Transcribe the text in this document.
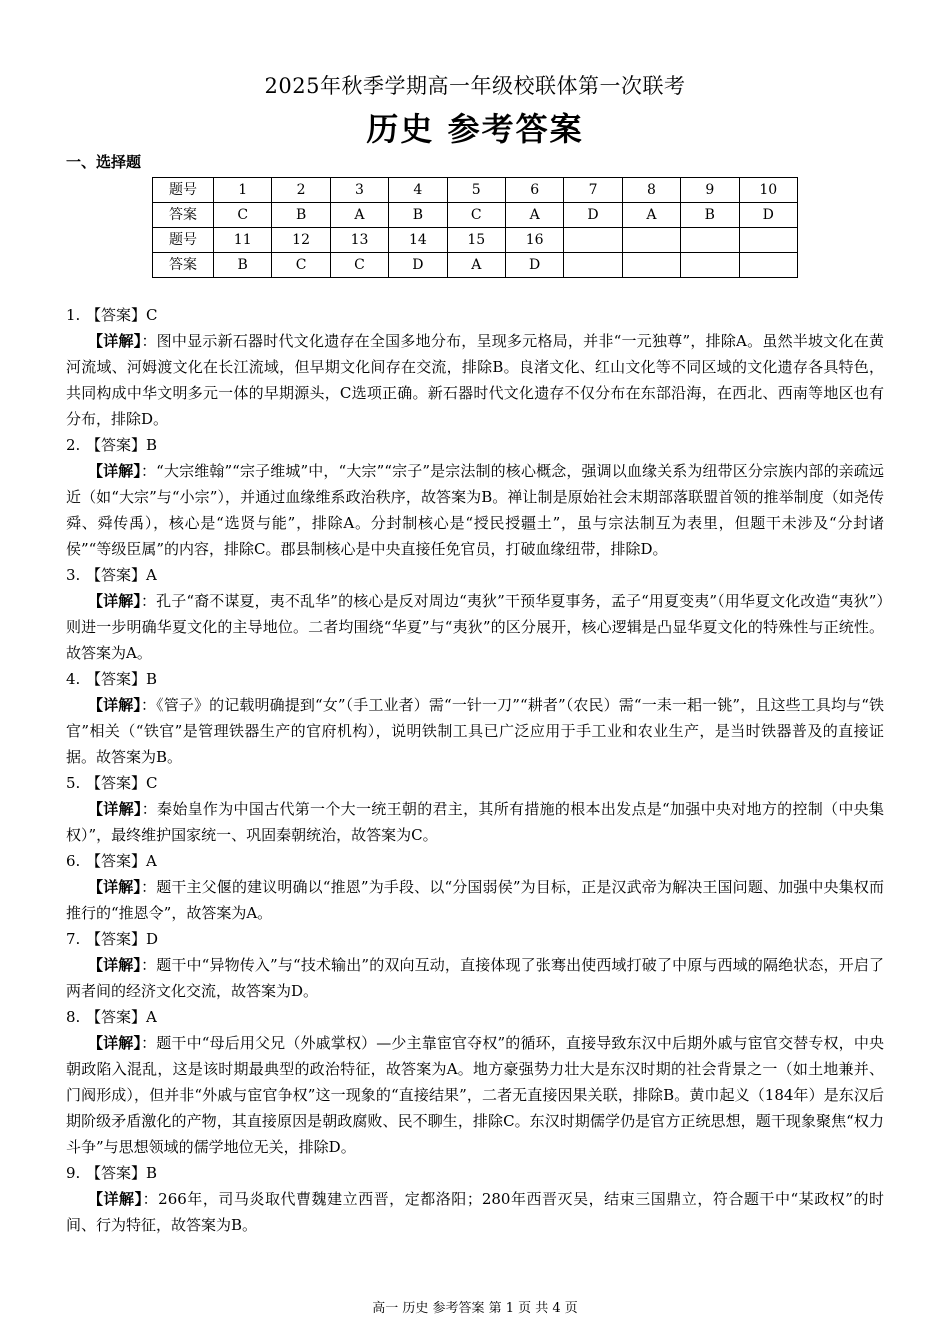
2025年秋季学期高一年级校联体第一次联考
历史 参考答案
一、选择题
题号	1	2	3	4	5	6	7	8	9	10
答案	C	B	A	B	C	A	D	A	B	D
题号	11	12	13	14	15	16				
答案	B	C	C	D	A	D				
1. 【答案】C
【详解】：图中显示新石器时代文化遗存在全国多地分布，呈现多元格局，并非“一元独尊”，排除A。虽然半坡文化在黄河流域、河姆渡文化在长江流域，但早期文化间存在交流，排除B。良渚文化、红山文化等不同区域的文化遗存各具特色，共同构成中华文明多元一体的早期源头，C选项正确。新石器时代文化遗存不仅分布在东部沿海，在西北、西南等地区也有分布，排除D。
2. 【答案】B
【详解】：“大宗维翰”“宗子维城”中，“大宗”“宗子”是宗法制的核心概念，强调以血缘关系为纽带区分宗族内部的亲疏远近（如“大宗”与“小宗”），并通过血缘维系政治秩序，故答案为B。禅让制是原始社会末期部落联盟首领的推举制度（如尧传舜、舜传禹），核心是“选贤与能”，排除A。分封制核心是“授民授疆土”，虽与宗法制互为表里，但题干未涉及“分封诸侯”“等级臣属”的内容，排除C。郡县制核心是中央直接任免官员，打破血缘纽带，排除D。
3. 【答案】A
【详解】：孔子“裔不谋夏，夷不乱华”的核心是反对周边“夷狄”干预华夏事务，孟子“用夏变夷”（用华夏文化改造“夷狄”）则进一步明确华夏文化的主导地位。二者均围绕“华夏”与“夷狄”的区分展开，核心逻辑是凸显华夏文化的特殊性与正统性。故答案为A。
4. 【答案】B
【详解】：《管子》的记载明确提到“女”（手工业者）需“一针一刀”“耕者”（农民）需“一耒一耜一铫”，且这些工具均与“铁官”相关（“铁官”是管理铁器生产的官府机构），说明铁制工具已广泛应用于手工业和农业生产，是当时铁器普及的直接证据。故答案为B。
5. 【答案】C
【详解】：秦始皇作为中国古代第一个大一统王朝的君主，其所有措施的根本出发点是“加强中央对地方的控制（中央集权）”，最终维护国家统一、巩固秦朝统治，故答案为C。
6. 【答案】A
【详解】：题干主父偃的建议明确以“推恩”为手段、以“分国弱侯”为目标，正是汉武帝为解决王国问题、加强中央集权而推行的“推恩令”，故答案为A。
7. 【答案】D
【详解】：题干中“异物传入”与“技术输出”的双向互动，直接体现了张骞出使西域打破了中原与西域的隔绝状态，开启了两者间的经济文化交流，故答案为D。
8. 【答案】A
【详解】：题干中“母后用父兄（外戚掌权）—少主靠宦官夺权”的循环，直接导致东汉中后期外戚与宦官交替专权，中央朝政陷入混乱，这是该时期最典型的政治特征，故答案为A。地方豪强势力壮大是东汉时期的社会背景之一（如土地兼并、门阀形成），但并非“外戚与宦官争权”这一现象的“直接结果”，二者无直接因果关联，排除B。黄巾起义（184年）是东汉后期阶级矛盾激化的产物，其直接原因是朝政腐败、民不聊生，排除C。东汉时期儒学仍是官方正统思想，题干现象聚焦“权力斗争”与思想领域的儒学地位无关，排除D。
9. 【答案】B
【详解】：266年，司马炎取代曹魏建立西晋，定都洛阳；280年西晋灭吴，结束三国鼎立，符合题干中“某政权”的时间、行为特征，故答案为B。
高一 历史 参考答案 第 1 页 共 4 页
